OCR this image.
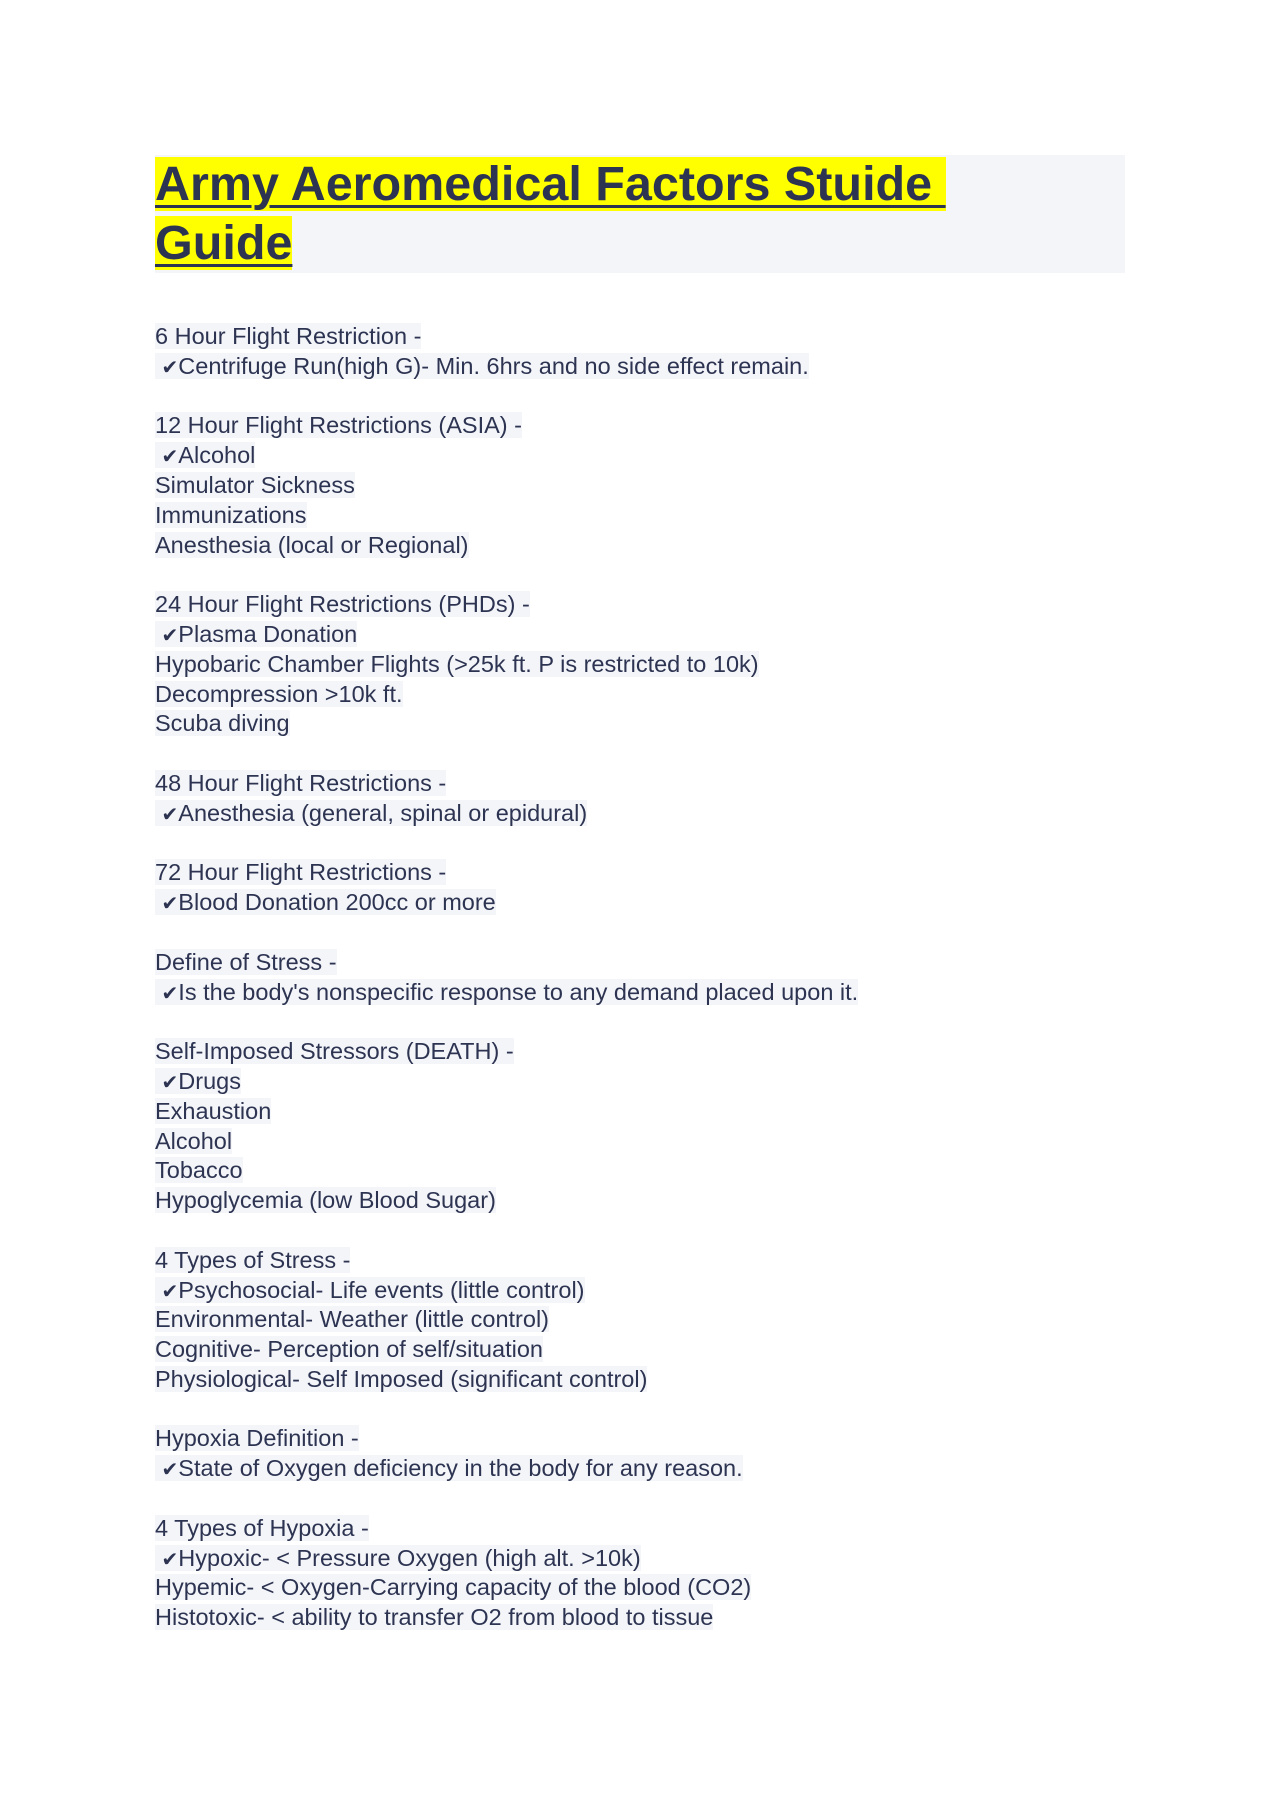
Army Aeromedical Factors Stuide
Guide
6 Hour Flight Restriction -
✔Centrifuge Run(high G)- Min. 6hrs and no side effect remain.
12 Hour Flight Restrictions (ASIA) -
✔Alcohol
Simulator Sickness
Immunizations
Anesthesia (local or Regional)
24 Hour Flight Restrictions (PHDs) -
✔Plasma Donation
Hypobaric Chamber Flights (>25k ft. P is restricted to 10k)
Decompression >10k ft.
Scuba diving
48 Hour Flight Restrictions -
✔Anesthesia (general, spinal or epidural)
72 Hour Flight Restrictions -
✔Blood Donation 200cc or more
Define of Stress -
✔Is the body's nonspecific response to any demand placed upon it.
Self-Imposed Stressors (DEATH) -
✔Drugs
Exhaustion
Alcohol
Tobacco
Hypoglycemia (low Blood Sugar)
4 Types of Stress -
✔Psychosocial- Life events (little control)
Environmental- Weather (little control)
Cognitive- Perception of self/situation
Physiological- Self Imposed (significant control)
Hypoxia Definition -
✔State of Oxygen deficiency in the body for any reason.
4 Types of Hypoxia -
✔Hypoxic- < Pressure Oxygen (high alt. >10k)
Hypemic- < Oxygen-Carrying capacity of the blood (CO2)
Histotoxic- < ability to transfer O2 from blood to tissue
